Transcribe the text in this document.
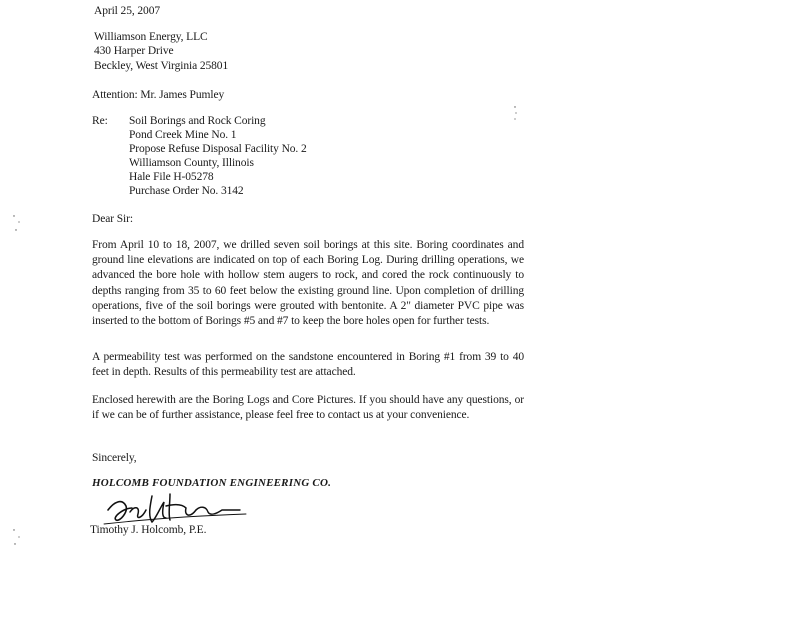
April 25, 2007
Williamson Energy, LLC
430 Harper Drive
Beckley, West Virginia 25801
Attention: Mr. James Pumley
Re: Soil Borings and Rock Coring
Pond Creek Mine No. 1
Propose Refuse Disposal Facility No. 2
Williamson County, Illinois
Hale File H-05278
Purchase Order No. 3142
Dear Sir:
From April 10 to 18, 2007, we drilled seven soil borings at this site. Boring coordinates and ground line elevations are indicated on top of each Boring Log. During drilling operations, we advanced the bore hole with hollow stem augers to rock, and cored the rock continuously to depths ranging from 35 to 60 feet below the existing ground line. Upon completion of drilling operations, five of the soil borings were grouted with bentonite. A 2" diameter PVC pipe was inserted to the bottom of Borings #5 and #7 to keep the bore holes open for further tests.
A permeability test was performed on the sandstone encountered in Boring #1 from 39 to 40 feet in depth. Results of this permeability test are attached.
Enclosed herewith are the Boring Logs and Core Pictures. If you should have any questions, or if we can be of further assistance, please feel free to contact us at your convenience.
Sincerely,
HOLCOMB FOUNDATION ENGINEERING CO.
Timothy J. Holcomb, P.E.
